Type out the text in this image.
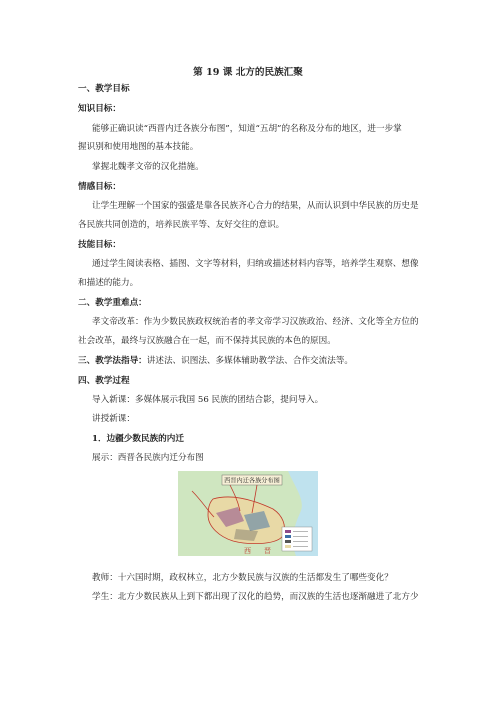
第 19 课 北方的民族汇聚
一、教学目标
知识目标：
能够正确识读“西晋内迁各族分布图”，知道“五胡”的名称及分布的地区，进一步掌
握识别和使用地图的基本技能。
掌握北魏孝文帝的汉化措施。
情感目标：
让学生理解一个国家的强盛是靠各民族齐心合力的结果，从而认识到中华民族的历史是
各民族共同创造的，培养民族平等、友好交往的意识。
技能目标：
通过学生阅读表格、插图、文字等材料，归纳或描述材料内容等，培养学生观察、想像
和描述的能力。
二、教学重难点：
孝文帝改革：作为少数民族政权统治者的孝文帝学习汉族政治、经济、文化等全方位的
社会改革，最终与汉族融合在一起，而不保持其民族的本色的原因。
三、教学法指导：讲述法、识图法、多媒体辅助教学法、合作交流法等。
四、教学过程
导入新课：多媒体展示我国 56 民族的团结合影，提问导入。
讲授新课：
1．边疆少数民族的内迁
展示：西晋各民族内迁分布图
西晋内迁各族分布图
西 晋
教师：十六国时期，政权林立，北方少数民族与汉族的生活都发生了哪些变化？
学生：北方少数民族从上到下都出现了汉化的趋势，而汉族的生活也逐渐融进了北方少
